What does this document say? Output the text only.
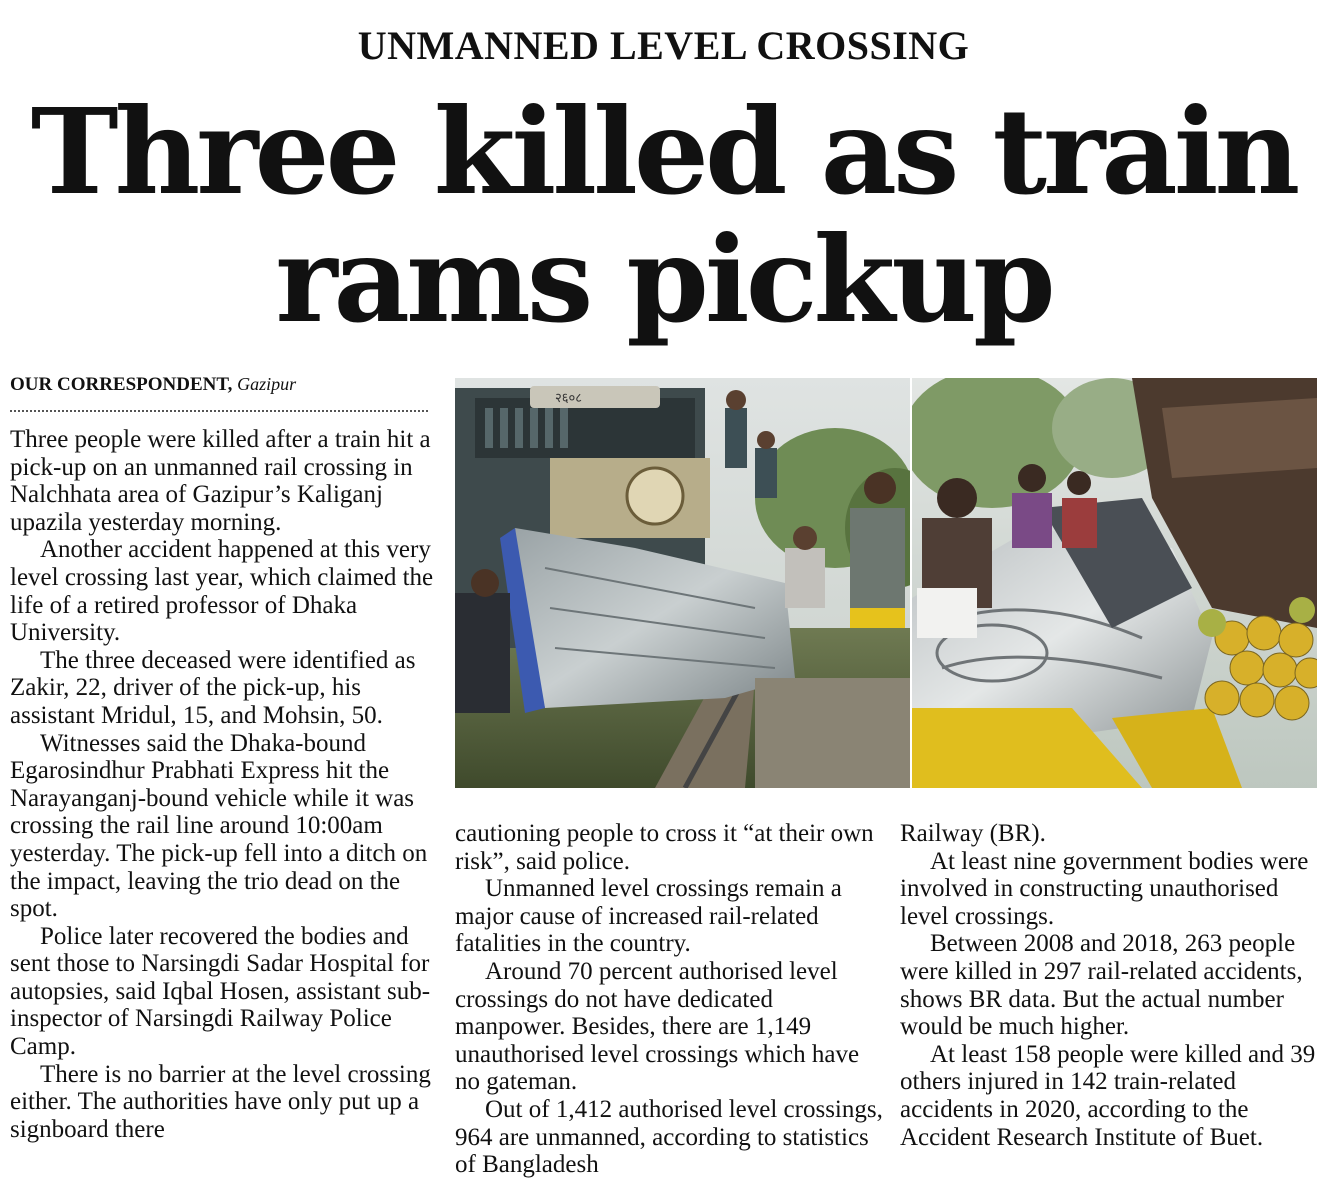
UNMANNED LEVEL CROSSING
Three killed as train
rams pickup
OUR CORRESPONDENT, Gazipur

Three people were killed after a train hit a pick-up on an unmanned rail crossing in Nalchhata area of Gazipur’s Kaliganj upazila yesterday morning.

Another accident happened at this very level crossing last year, which claimed the life of a retired professor of Dhaka University.

The three deceased were identified as Zakir, 22, driver of the pick-up, his assistant Mridul, 15, and Mohsin, 50.

Witnesses said the Dhaka-bound Egarosindhur Prabhati Express hit the Narayanganj-bound vehicle while it was crossing the rail line around 10:00am yesterday. The pick-up fell into a ditch on the impact, leaving the trio dead on the spot.

Police later recovered the bodies and sent those to Narsingdi Sadar Hospital for autopsies, said Iqbal Hosen, assistant sub-inspector of Narsingdi Railway Police Camp.

There is no barrier at the level crossing either. The authorities have only put up a signboard there

cautioning people to cross it “at their own risk”, said police.

Unmanned level crossings remain a major cause of increased rail-related fatalities in the country.

Around 70 percent authorised level crossings do not have dedicated manpower. Besides, there are 1,149 unauthorised level crossings which have no gateman.

Out of 1,412 authorised level crossings, 964 are unmanned, according to statistics of Bangladesh

Railway (BR).

At least nine government bodies were involved in constructing unauthorised level crossings.

Between 2008 and 2018, 263 people were killed in 297 rail-related accidents, shows BR data. But the actual number would be much higher.

At least 158 people were killed and 39 others injured in 142 train-related accidents in 2020, according to the Accident Research Institute of Buet.

२६०८
